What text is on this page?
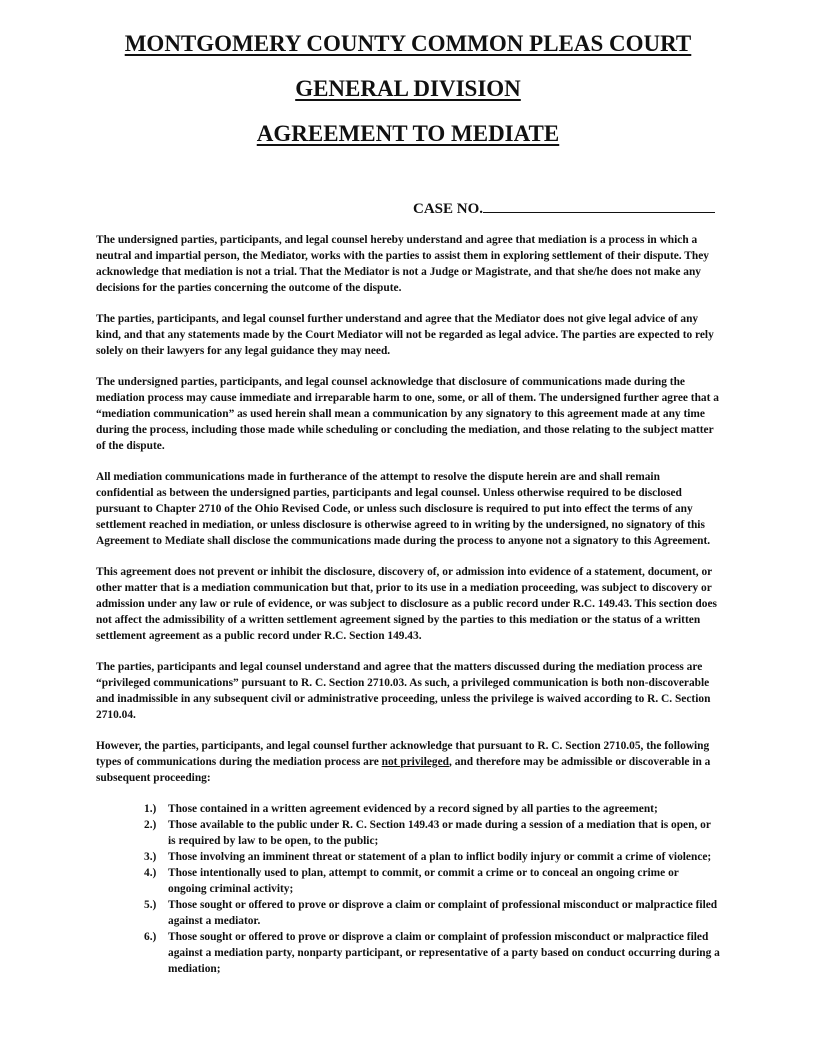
MONTGOMERY COUNTY COMMON PLEAS COURT
GENERAL DIVISION
AGREEMENT TO MEDIATE
CASE NO.

The undersigned parties, participants, and legal counsel hereby understand and agree that mediation is a process in which a neutral and impartial person, the Mediator, works with the parties to assist them in exploring settlement of their dispute. They acknowledge that mediation is not a trial. That the Mediator is not a Judge or Magistrate, and that she/he does not make any decisions for the parties concerning the outcome of the dispute.

The parties, participants, and legal counsel further understand and agree that the Mediator does not give legal advice of any kind, and that any statements made by the Court Mediator will not be regarded as legal advice. The parties are expected to rely solely on their lawyers for any legal guidance they may need.

The undersigned parties, participants, and legal counsel acknowledge that disclosure of communications made during the mediation process may cause immediate and irreparable harm to one, some, or all of them. The undersigned further agree that a “mediation communication” as used herein shall mean a communication by any signatory to this agreement made at any time during the process, including those made while scheduling or concluding the mediation, and those relating to the subject matter of the dispute.

All mediation communications made in furtherance of the attempt to resolve the dispute herein are and shall remain confidential as between the undersigned parties, participants and legal counsel. Unless otherwise required to be disclosed pursuant to Chapter 2710 of the Ohio Revised Code, or unless such disclosure is required to put into effect the terms of any settlement reached in mediation, or unless disclosure is otherwise agreed to in writing by the undersigned, no signatory of this Agreement to Mediate shall disclose the communications made during the process to anyone not a signatory to this Agreement.

This agreement does not prevent or inhibit the disclosure, discovery of, or admission into evidence of a statement, document, or other matter that is a mediation communication but that, prior to its use in a mediation proceeding, was subject to discovery or admission under any law or rule of evidence, or was subject to disclosure as a public record under R.C. 149.43. This section does not affect the admissibility of a written settlement agreement signed by the parties to this mediation or the status of a written settlement agreement as a public record under R.C. Section 149.43.

The parties, participants and legal counsel understand and agree that the matters discussed during the mediation process are “privileged communications” pursuant to R. C. Section 2710.03. As such, a privileged communication is both non-discoverable and inadmissible in any subsequent civil or administrative proceeding, unless the privilege is waived according to R. C. Section 2710.04.

However, the parties, participants, and legal counsel further acknowledge that pursuant to R. C. Section 2710.05, the following types of communications during the mediation process are not privileged, and therefore may be admissible or discoverable in a subsequent proceeding:

1.) Those contained in a written agreement evidenced by a record signed by all parties to the agreement;
2.) Those available to the public under R. C. Section 149.43 or made during a session of a mediation that is open, or is required by law to be open, to the public;
3.) Those involving an imminent threat or statement of a plan to inflict bodily injury or commit a crime of violence;
4.) Those intentionally used to plan, attempt to commit, or commit a crime or to conceal an ongoing crime or ongoing criminal activity;
5.) Those sought or offered to prove or disprove a claim or complaint of professional misconduct or malpractice filed against a mediator.
6.) Those sought or offered to prove or disprove a claim or complaint of profession misconduct or malpractice filed against a mediation party, nonparty participant, or representative of a party based on conduct occurring during a mediation;
